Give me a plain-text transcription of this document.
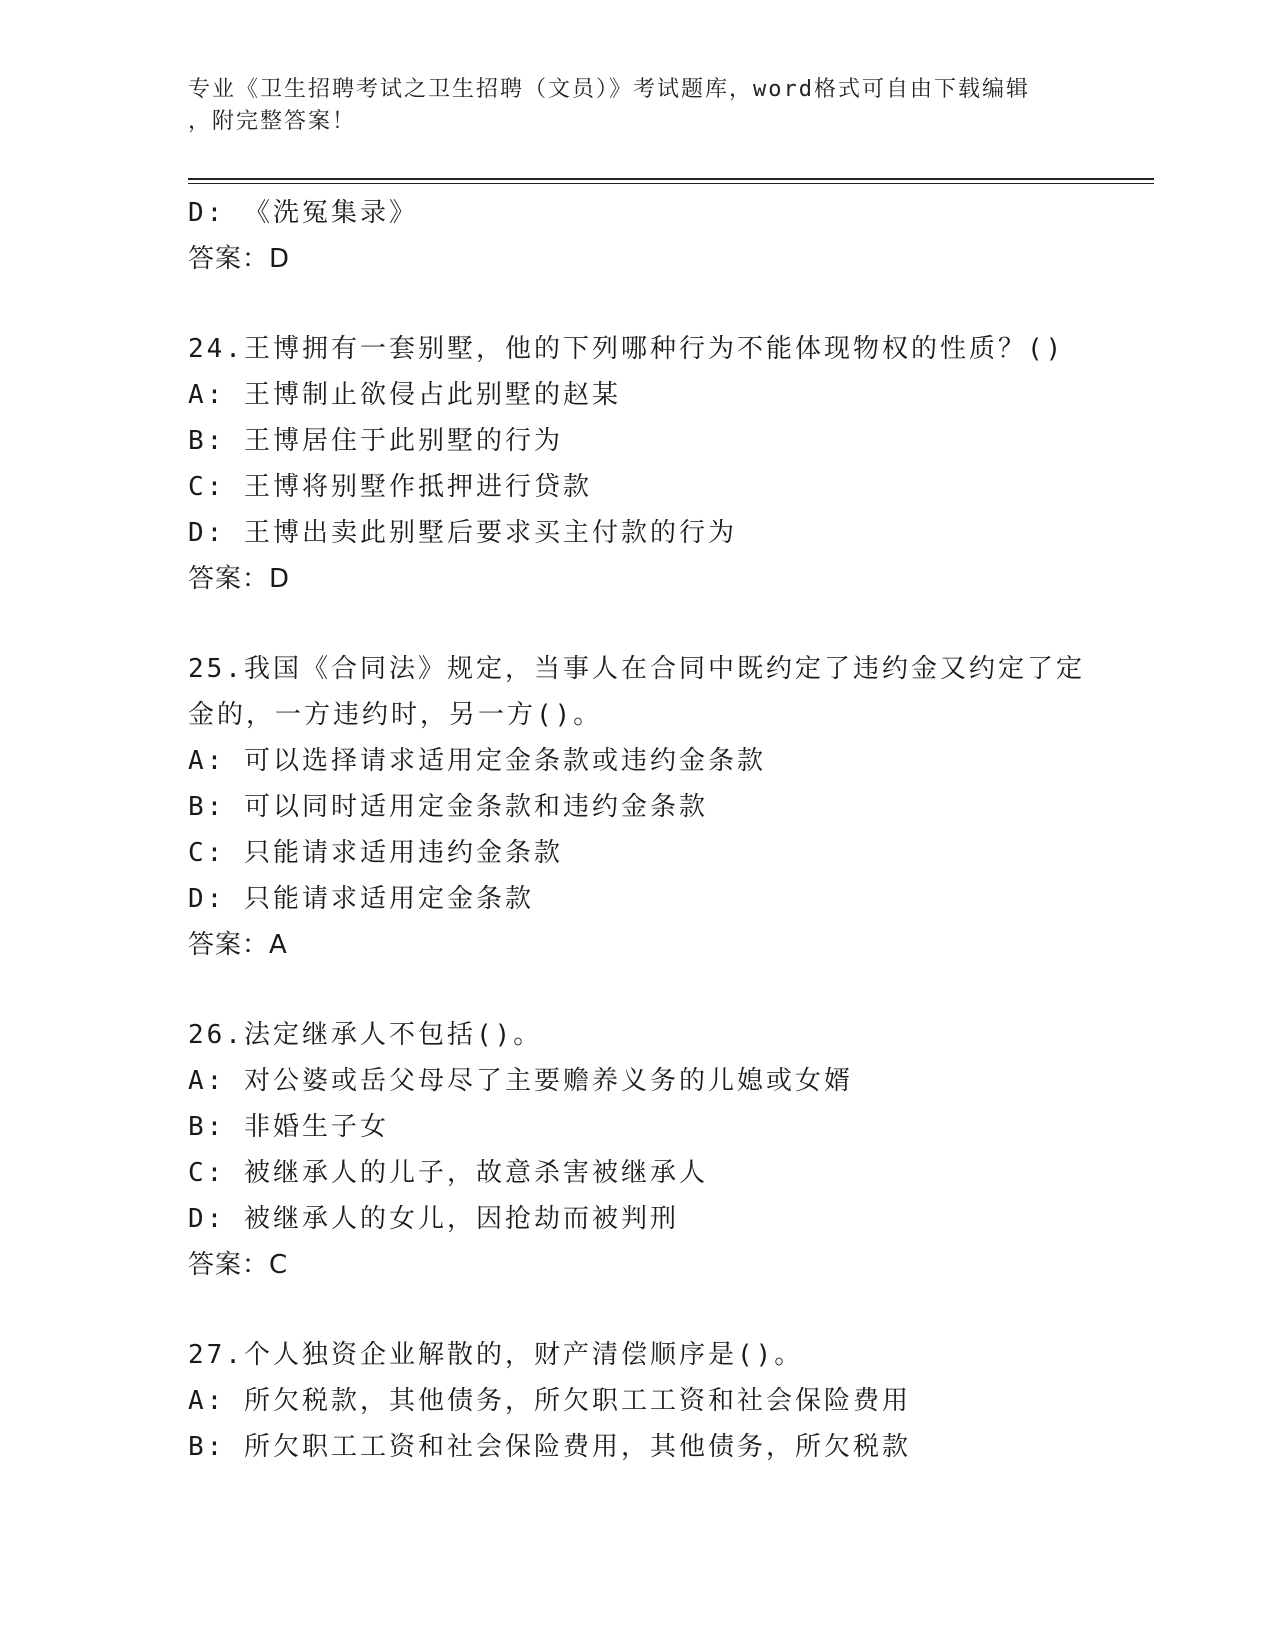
专业《卫生招聘考试之卫生招聘（文员）》考试题库，word格式可自由下载编辑
，附完整答案！
D: 《洗冤集录》
答案：D
24.王博拥有一套别墅，他的下列哪种行为不能体现物权的性质？()
A: 王博制止欲侵占此别墅的赵某
B: 王博居住于此别墅的行为
C: 王博将别墅作抵押进行贷款
D: 王博出卖此别墅后要求买主付款的行为
答案：D
25.我国《合同法》规定，当事人在合同中既约定了违约金又约定了定
金的，一方违约时，另一方()。
A: 可以选择请求适用定金条款或违约金条款
B: 可以同时适用定金条款和违约金条款
C: 只能请求适用违约金条款
D: 只能请求适用定金条款
答案：A
26.法定继承人不包括()。
A: 对公婆或岳父母尽了主要赡养义务的儿媳或女婿
B: 非婚生子女
C: 被继承人的儿子，故意杀害被继承人
D: 被继承人的女儿，因抢劫而被判刑
答案：C
27.个人独资企业解散的，财产清偿顺序是()。
A: 所欠税款，其他债务，所欠职工工资和社会保险费用
B: 所欠职工工资和社会保险费用，其他债务，所欠税款
